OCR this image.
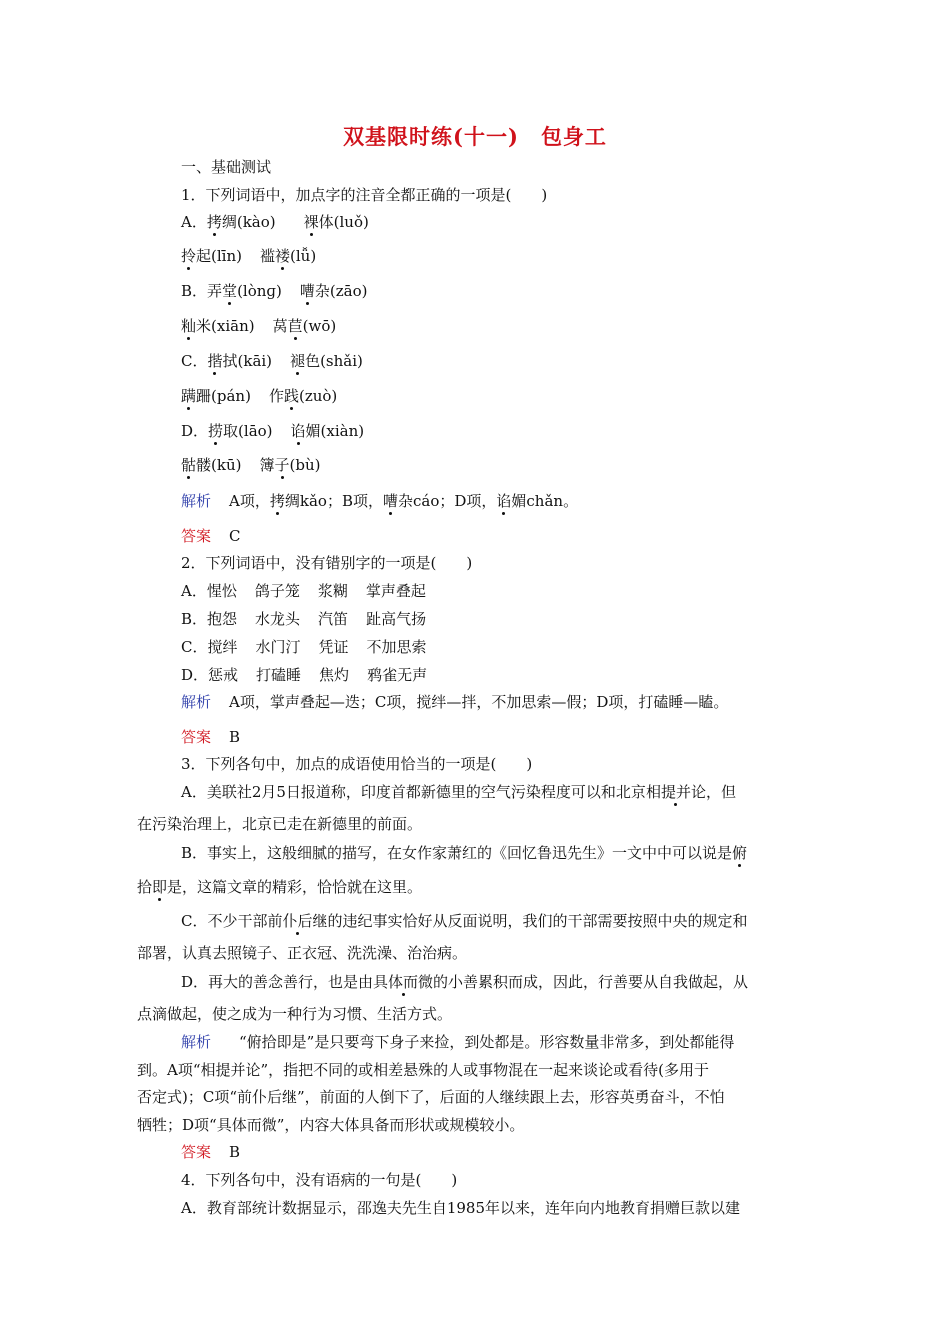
双基限时练(十一) 包身工
一、基础测试
1．下列词语中，加点字的注音全都正确的一项是(　　)
A．拷绸(kào) 裸体(luǒ)
拎起(līn) 褴褛(lǚ)
B．弄堂(lònɡ) 嘈杂(zāo)
籼米(xiān) 莴苣(wō)
C．揩拭(kāi) 褪色(shǎi)
蹒跚(pán) 作践(zuò)
D．捞取(lāo) 谄媚(xiàn)
骷髅(kū) 簿子(bù)
解析 A项，拷绸kǎo；B项，嘈杂cáo；D项，谄媚chǎn。
答案 C
2．下列词语中，没有错别字的一项是(　　)
A．惺忪 鸽子笼 浆糊 掌声叠起
B．抱怨 水龙头 汽笛 趾高气扬
C．搅绊 水门汀 凭证 不加思索
D．惩戒 打磕睡 焦灼 鸦雀无声
解析 A项，掌声叠起—迭；C项，搅绊—拌，不加思索—假；D项，打磕睡—瞌。
答案 B
3．下列各句中，加点的成语使用恰当的一项是(　　)
A．美联社2月5日报道称，印度首都新德里的空气污染程度可以和北京相提并论，但
在污染治理上，北京已走在新德里的前面。
B．事实上，这般细腻的描写，在女作家萧红的《回忆鲁迅先生》一文中中可以说是俯
拾即是，这篇文章的精彩，恰恰就在这里。
C．不少干部前仆后继的违纪事实恰好从反面说明，我们的干部需要按照中央的规定和
部署，认真去照镜子、正衣冠、洗洗澡、治治病。
D．再大的善念善行，也是由具体而微的小善累积而成，因此，行善要从自我做起，从
点滴做起，使之成为一种行为习惯、生活方式。
解析 “俯拾即是”是只要弯下身子来捡，到处都是。形容数量非常多，到处都能得
到。A项“相提并论”，指把不同的或相差悬殊的人或事物混在一起来谈论或看待(多用于
否定式)；C项“前仆后继”，前面的人倒下了，后面的人继续跟上去，形容英勇奋斗，不怕
牺牲；D项“具体而微”，内容大体具备而形状或规模较小。
答案 B
4．下列各句中，没有语病的一句是(　　)
A．教育部统计数据显示，邵逸夫先生自1985年以来，连年向内地教育捐赠巨款以建
